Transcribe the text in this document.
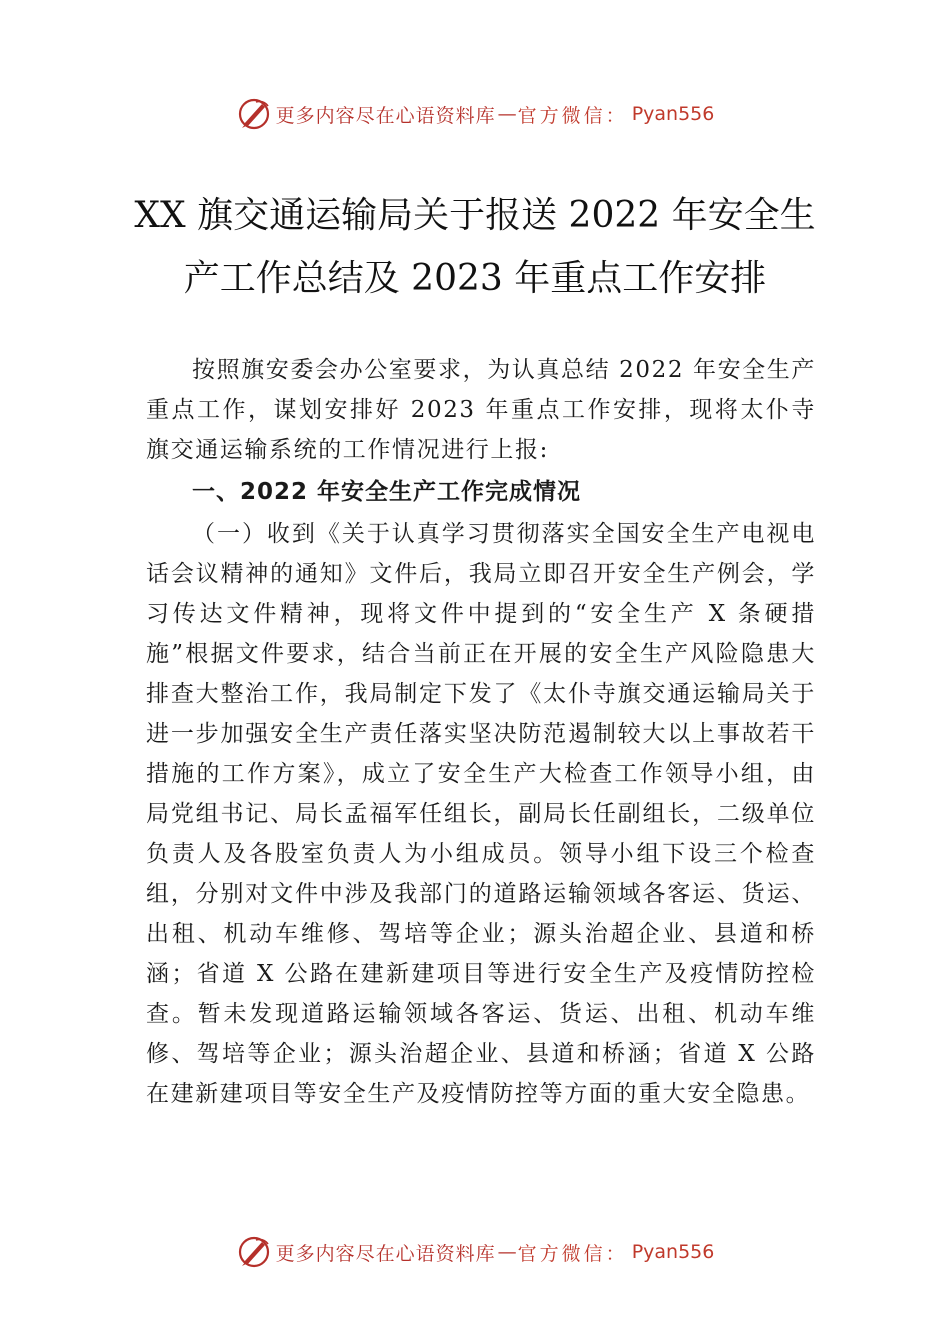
更多内容尽在心语资料库 — 官方微信： Pyan556
XX 旗交通运输局关于报送 2022 年安全生
产工作总结及 2023 年重点工作安排

按照旗安委会办公室要求，为认真总结 2022 年安全生产重点工作，谋划安排好 2023 年重点工作安排，现将太仆寺旗交通运输系统的工作情况进行上报:

一、2022 年安全生产工作完成情况

（一）收到《关于认真学习贯彻落实全国安全生产电视电话会议精神的通知》文件后，我局立即召开安全生产例会，学习传达文件精神，现将文件中提到的“安全生产 X 条硬措施”根据文件要求，结合当前正在开展的安全生产风险隐患大排查大整治工作，我局制定下发了《太仆寺旗交通运输局关于进一步加强安全生产责任落实坚决防范遏制较大以上事故若干措施的工作方案》，成立了安全生产大检查工作领导小组，由局党组书记、局长孟福军任组长，副局长任副组长，二级单位负责人及各股室负责人为小组成员。领导小组下设三个检查组，分别对文件中涉及我部门的道路运输领域各客运、货运、出租、机动车维修、驾培等企业；源头治超企业、县道和桥涵；省道 X 公路在建新建项目等进行安全生产及疫情防控检查。暂未发现道路运输领域各客运、货运、出租、机动车维修、驾培等企业；源头治超企业、县道和桥涵；省道 X 公路在建新建项目等安全生产及疫情防控等方面的重大安全隐患。

更多内容尽在心语资料库 — 官方微信： Pyan556
